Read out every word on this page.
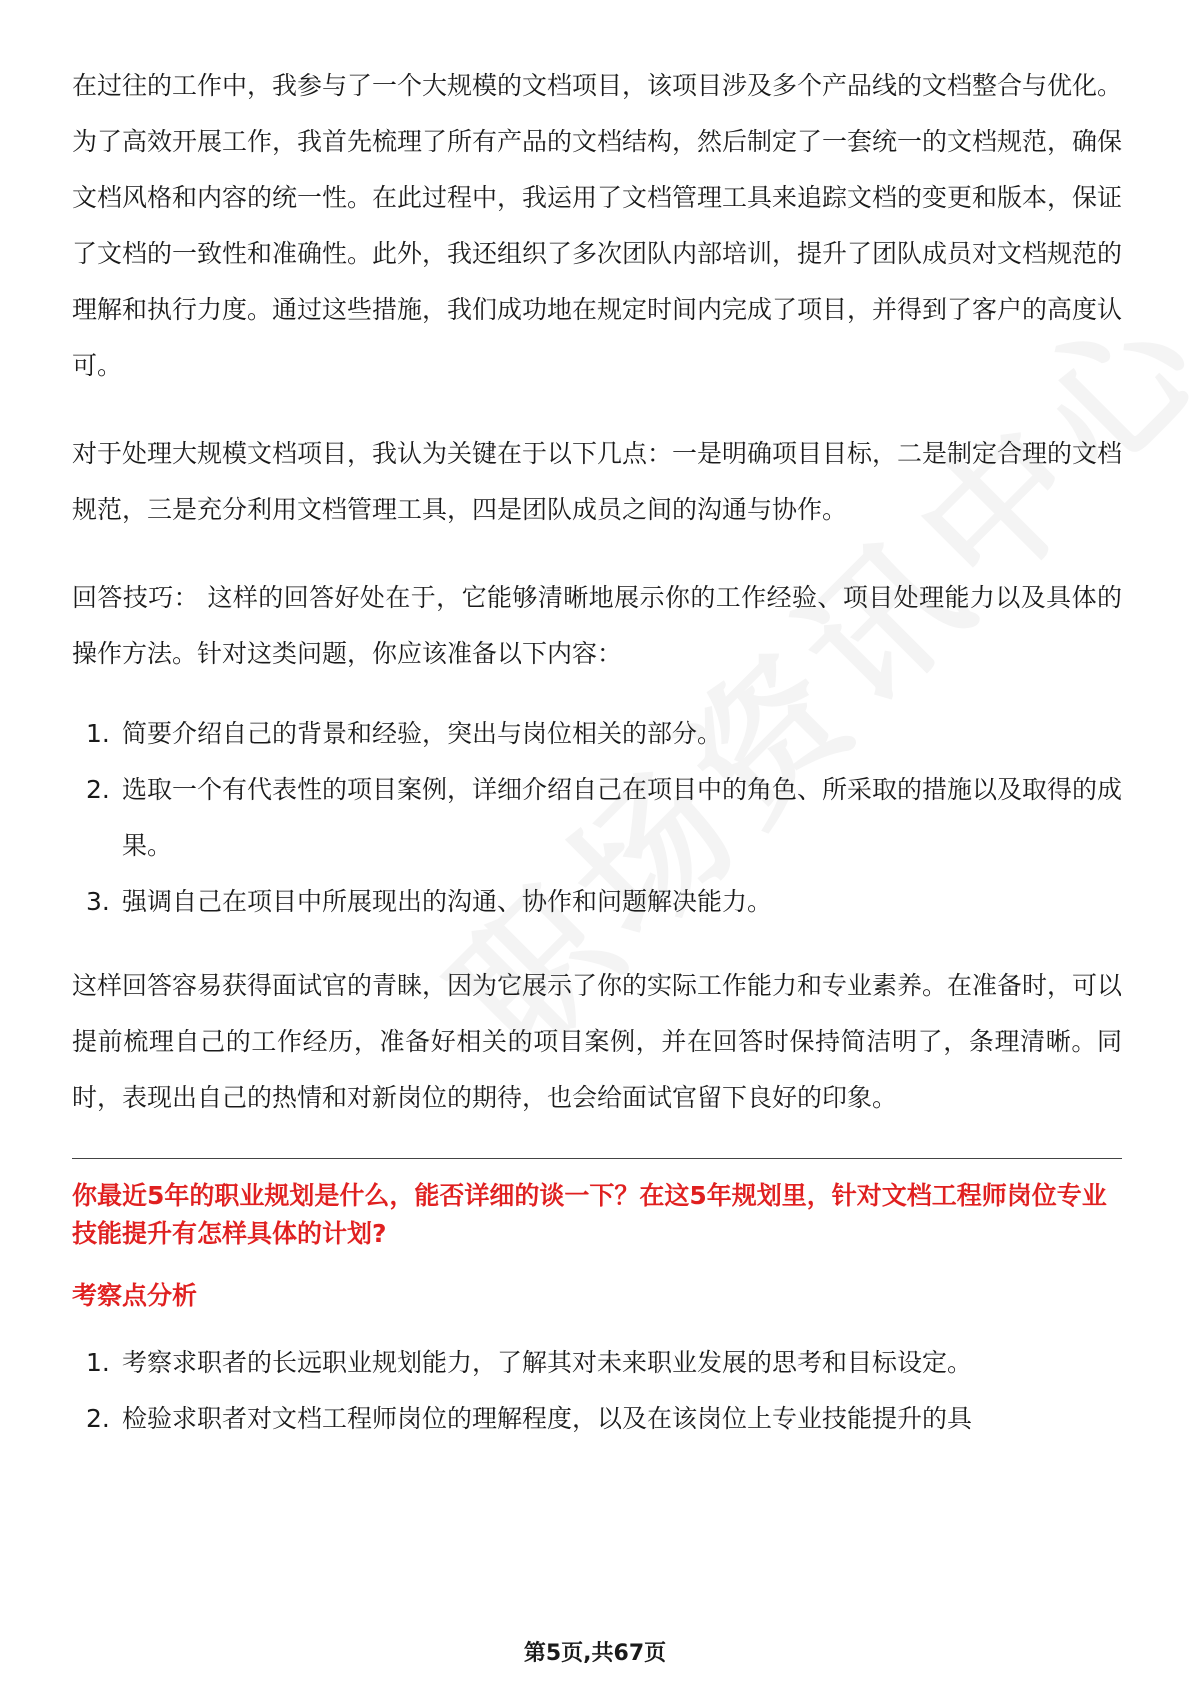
在过往的工作中，我参与了一个大规模的文档项目，该项目涉及多个产品线的文档整合与优化。为了高效开展工作，我首先梳理了所有产品的文档结构，然后制定了一套统一的文档规范，确保文档风格和内容的统一性。在此过程中，我运用了文档管理工具来追踪文档的变更和版本，保证了文档的一致性和准确性。此外，我还组织了多次团队内部培训，提升了团队成员对文档规范的理解和执行力度。通过这些措施，我们成功地在规定时间内完成了项目，并得到了客户的高度认可。

对于处理大规模文档项目，我认为关键在于以下几点：一是明确项目目标，二是制定合理的文档规范，三是充分利用文档管理工具，四是团队成员之间的沟通与协作。

回答技巧： 这样的回答好处在于，它能够清晰地展示你的工作经验、项目处理能力以及具体的操作方法。针对这类问题，你应该准备以下内容：

1. 简要介绍自己的背景和经验，突出与岗位相关的部分。
2. 选取一个有代表性的项目案例，详细介绍自己在项目中的角色、所采取的措施以及取得的成果。
3. 强调自己在项目中所展现出的沟通、协作和问题解决能力。

这样回答容易获得面试官的青睐，因为它展示了你的实际工作能力和专业素养。在准备时，可以提前梳理自己的工作经历，准备好相关的项目案例，并在回答时保持简洁明了，条理清晰。同时，表现出自己的热情和对新岗位的期待，也会给面试官留下良好的印象。

你最近5年的职业规划是什么，能否详细的谈一下？在这5年规划里，针对文档工程师岗位专业技能提升有怎样具体的计划?
考察点分析
1. 考察求职者的长远职业规划能力，了解其对未来职业发展的思考和目标设定。
2. 检验求职者对文档工程师岗位的理解程度，以及在该岗位上专业技能提升的具
第5页,共67页
